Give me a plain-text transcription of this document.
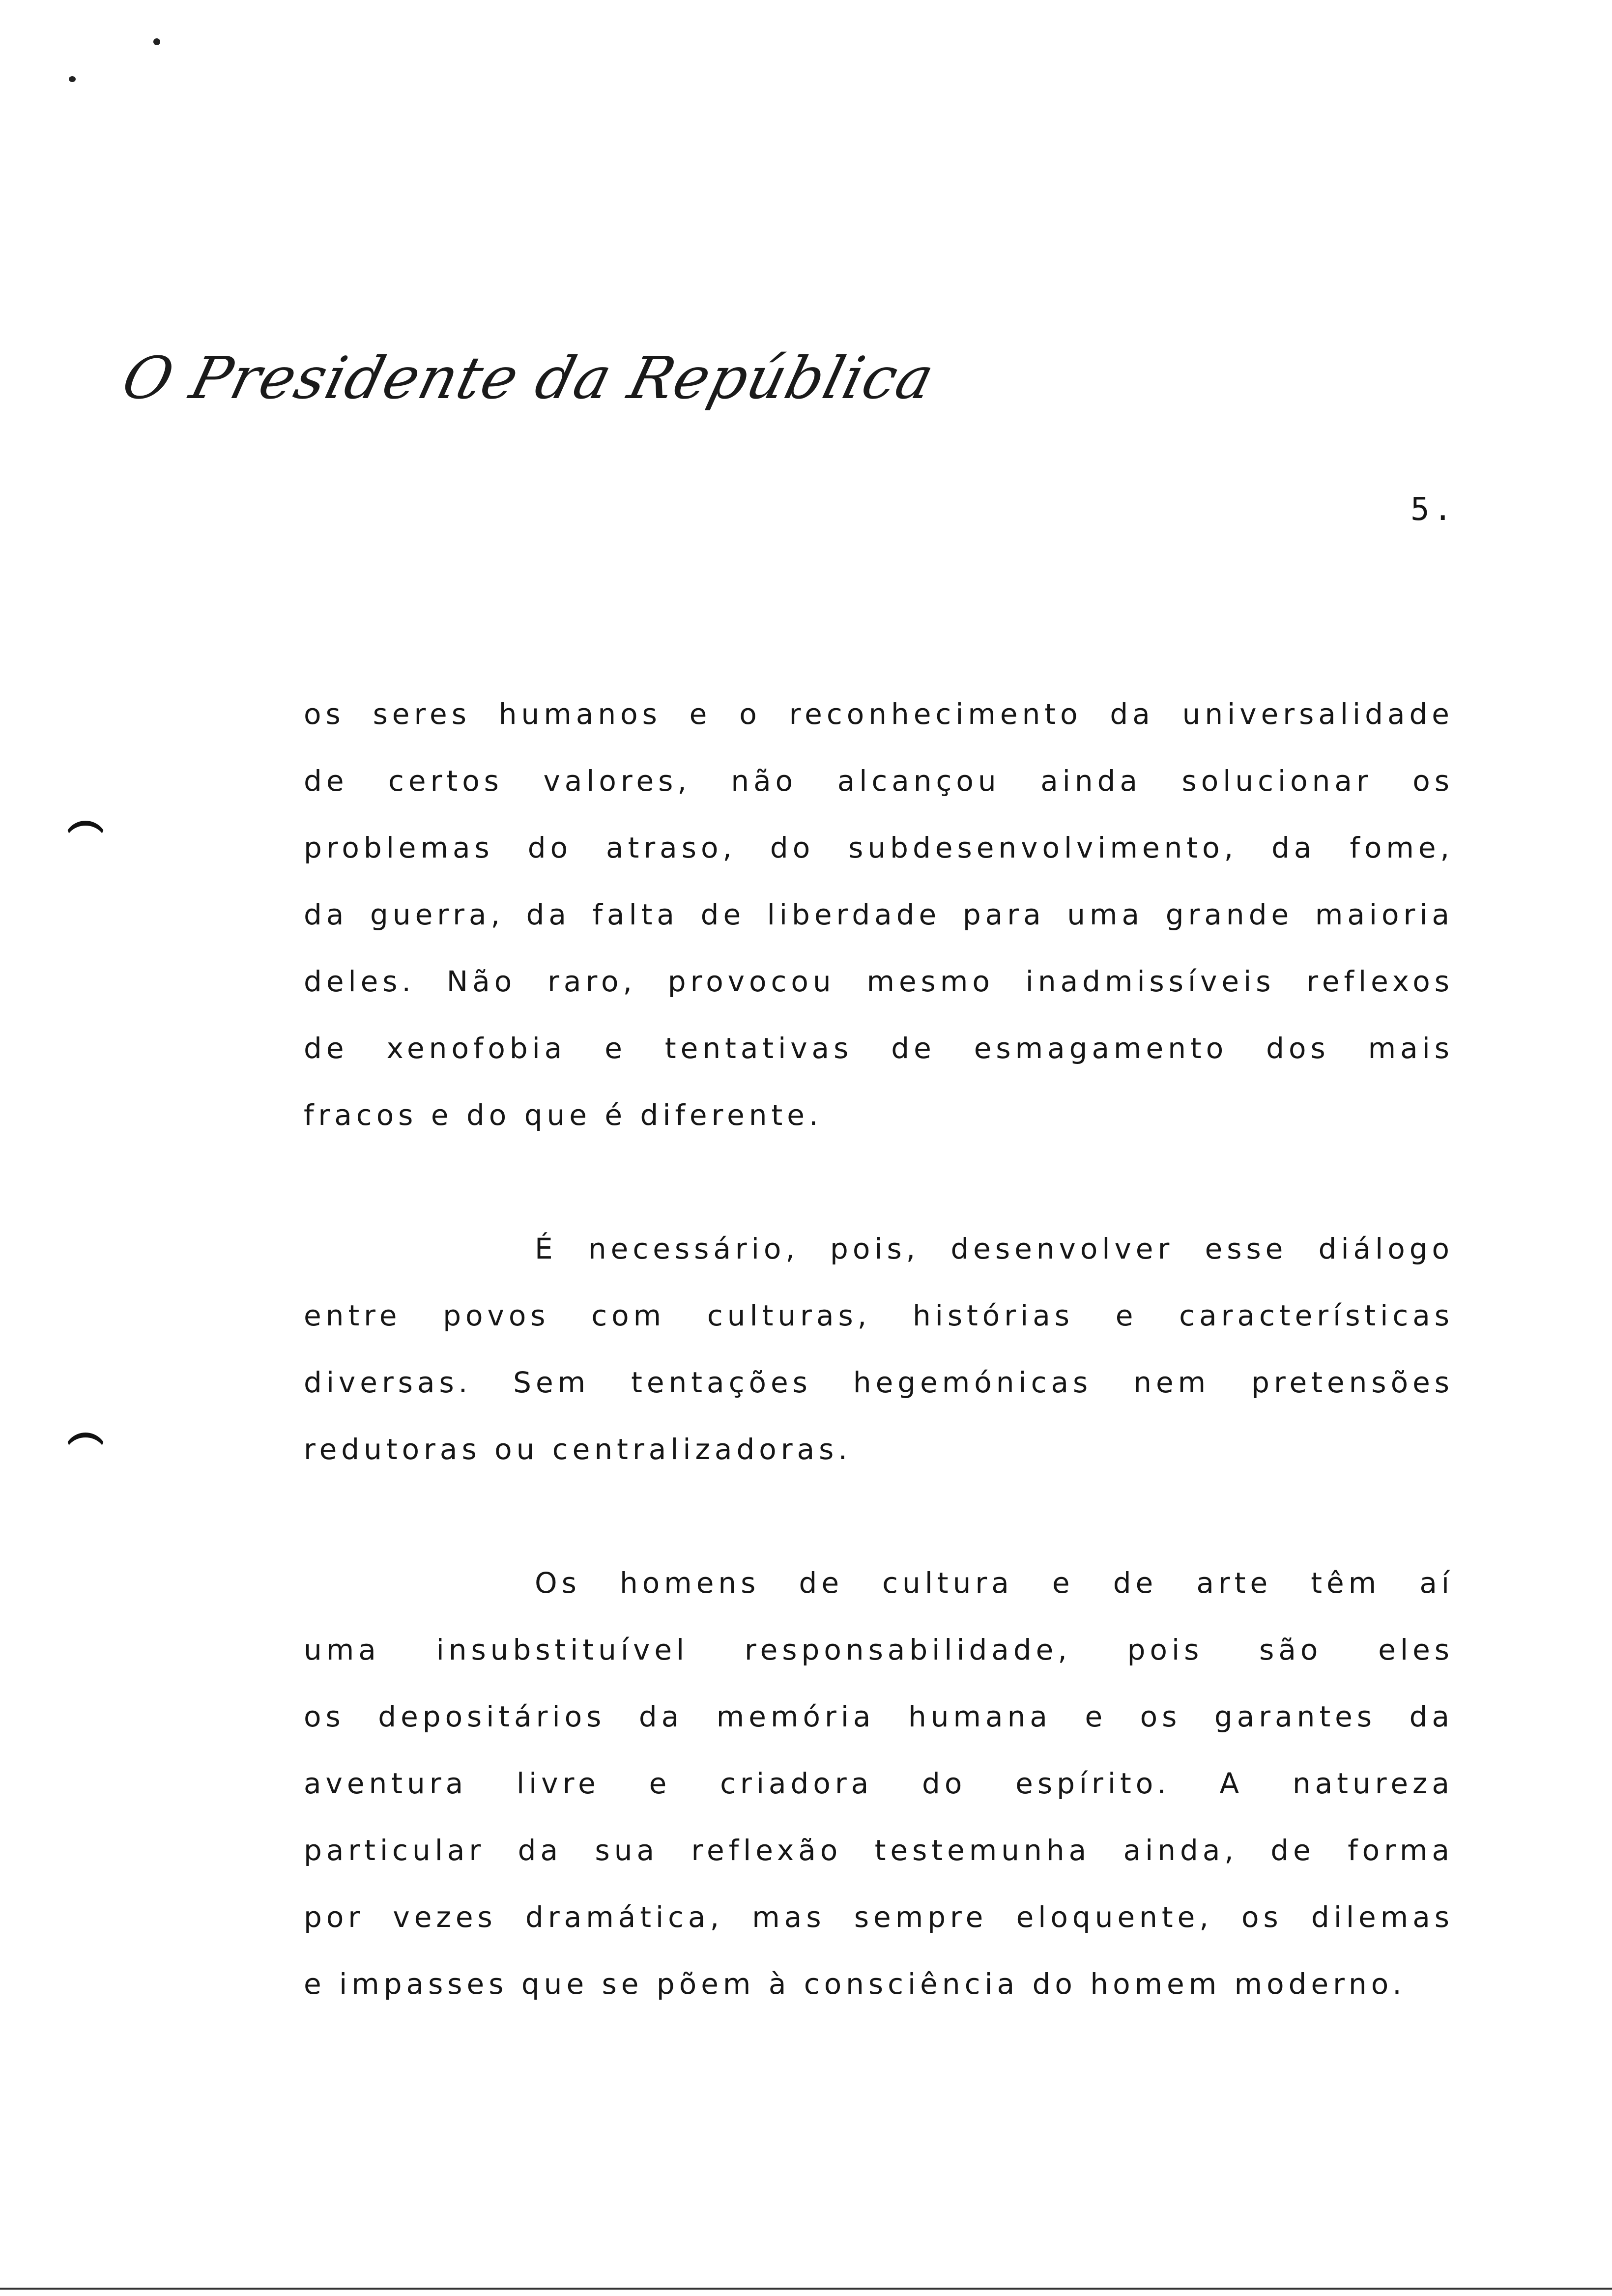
O Presidente da República
5.

os seres humanos e o reconhecimento da universalidade
de certos valores, não alcançou ainda solucionar os
problemas do atraso, do subdesenvolvimento, da fome,
da guerra, da falta de liberdade para uma grande maioria
deles. Não raro, provocou mesmo inadmissíveis reflexos
de xenofobia e tentativas de esmagamento dos mais
fracos e do que é diferente.

É necessário, pois, desenvolver esse diálogo
entre povos com culturas, histórias e características
diversas. Sem tentações hegemónicas nem pretensões
redutoras ou centralizadoras.

Os homens de cultura e de arte têm aí
uma insubstituível responsabilidade, pois são eles
os depositários da memória humana e os garantes da
aventura livre e criadora do espírito. A natureza
particular da sua reflexão testemunha ainda, de forma
por vezes dramática, mas sempre eloquente, os dilemas
e impasses que se põem à consciência do homem moderno.
